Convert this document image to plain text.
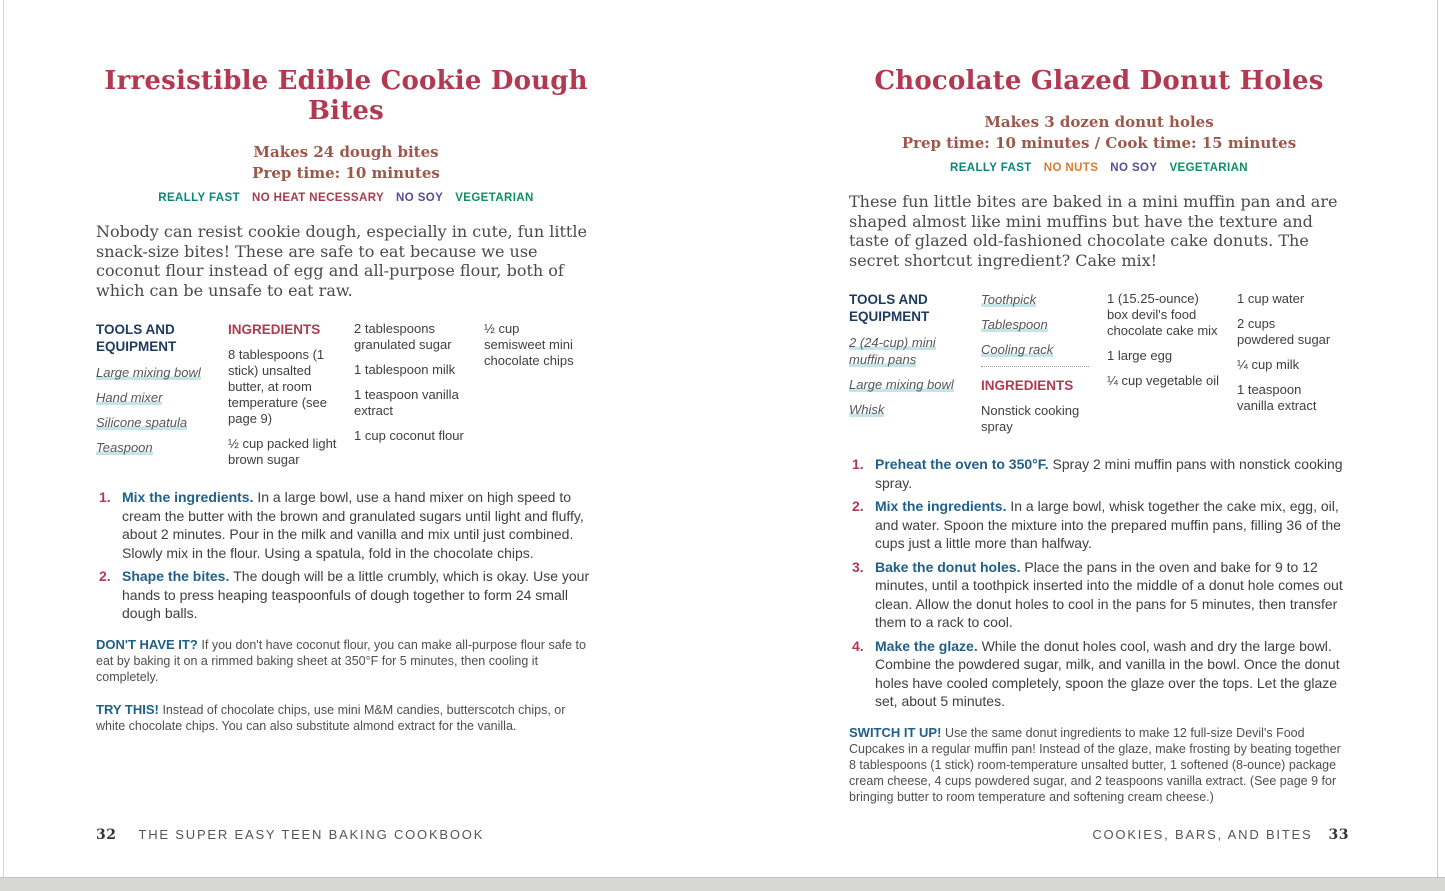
Irresistible Edible Cookie Dough Bites
Makes 24 dough bites
Prep time: 10 minutes
REALLY FAST NO HEAT NECESSARY NO SOY VEGETARIAN
Nobody can resist cookie dough, especially in cute, fun little snack-size bites! These are safe to eat because we use coconut flour instead of egg and all-purpose flour, both of which can be unsafe to eat raw.
TOOLS AND EQUIPMENT
Large mixing bowl
Hand mixer
Silicone spatula
Teaspoon
INGREDIENTS
8 tablespoons (1 stick) unsalted butter, at room temperature (see page 9)
½ cup packed light brown sugar
2 tablespoons granulated sugar
1 tablespoon milk
1 teaspoon vanilla extract
1 cup coconut flour
½ cup semisweet mini chocolate chips
1. Mix the ingredients. In a large bowl, use a hand mixer on high speed to cream the butter with the brown and granulated sugars until light and fluffy, about 2 minutes. Pour in the milk and vanilla and mix until just combined. Slowly mix in the flour. Using a spatula, fold in the chocolate chips.
2. Shape the bites. The dough will be a little crumbly, which is okay. Use your hands to press heaping teaspoonfuls of dough together to form 24 small dough balls.
DON'T HAVE IT? If you don't have coconut flour, you can make all-purpose flour safe to eat by baking it on a rimmed baking sheet at 350°F for 5 minutes, then cooling it completely.
TRY THIS! Instead of chocolate chips, use mini M&M candies, butterscotch chips, or white chocolate chips. You can also substitute almond extract for the vanilla.
Chocolate Glazed Donut Holes
Makes 3 dozen donut holes
Prep time: 10 minutes / Cook time: 15 minutes
REALLY FAST NO NUTS NO SOY VEGETARIAN
These fun little bites are baked in a mini muffin pan and are shaped almost like mini muffins but have the texture and taste of glazed old-fashioned chocolate cake donuts. The secret shortcut ingredient? Cake mix!
TOOLS AND EQUIPMENT
2 (24-cup) mini muffin pans
Large mixing bowl
Whisk
Toothpick
Tablespoon
Cooling rack
INGREDIENTS
Nonstick cooking spray
1 (15.25-ounce) box devil's food chocolate cake mix
1 large egg
¼ cup vegetable oil
1 cup water
2 cups powdered sugar
¼ cup milk
1 teaspoon vanilla extract
1. Preheat the oven to 350°F. Spray 2 mini muffin pans with nonstick cooking spray.
2. Mix the ingredients. In a large bowl, whisk together the cake mix, egg, oil, and water. Spoon the mixture into the prepared muffin pans, filling 36 of the cups just a little more than halfway.
3. Bake the donut holes. Place the pans in the oven and bake for 9 to 12 minutes, until a toothpick inserted into the middle of a donut hole comes out clean. Allow the donut holes to cool in the pans for 5 minutes, then transfer them to a rack to cool.
4. Make the glaze. While the donut holes cool, wash and dry the large bowl. Combine the powdered sugar, milk, and vanilla in the bowl. Once the donut holes have cooled completely, spoon the glaze over the tops. Let the glaze set, about 5 minutes.
SWITCH IT UP! Use the same donut ingredients to make 12 full-size Devil's Food Cupcakes in a regular muffin pan! Instead of the glaze, make frosting by beating together 8 tablespoons (1 stick) room-temperature unsalted butter, 1 softened (8-ounce) package cream cheese, 4 cups powdered sugar, and 2 teaspoons vanilla extract. (See page 9 for bringing butter to room temperature and softening cream cheese.)
32 THE SUPER EASY TEEN BAKING COOKBOOK	COOKIES, BARS, AND BITES 33
